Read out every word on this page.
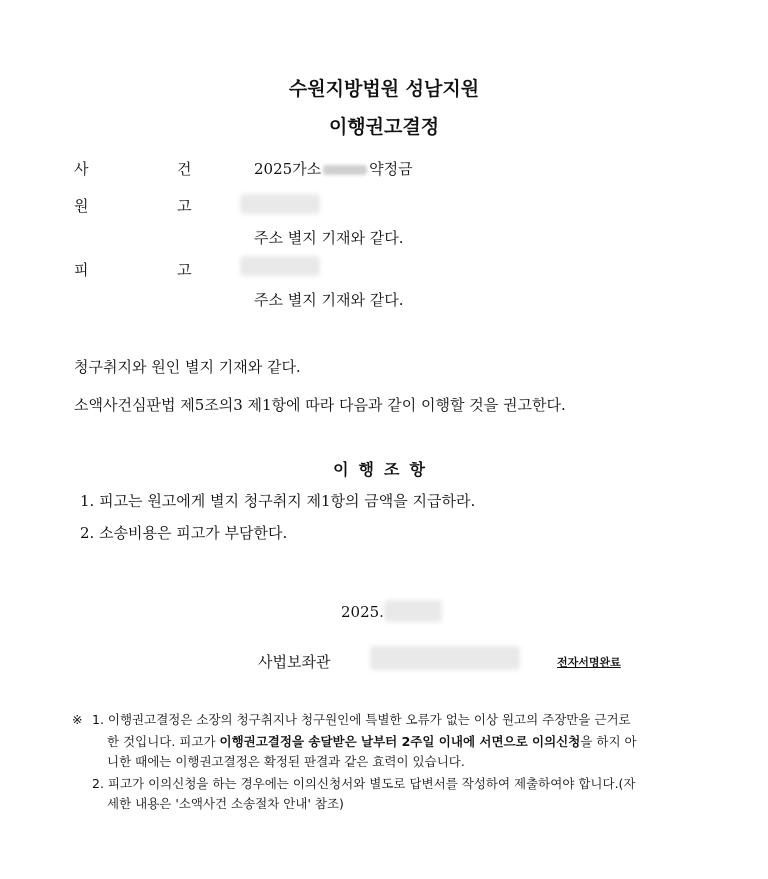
수원지방법원 성남지원
이행권고결정
사	건	2025가소	약정금
원	고
주소 별지 기재와 같다.
피	고
주소 별지 기재와 같다.
청구취지와 원인 별지 기재와 같다.
소액사건심판법 제5조의3 제1항에 따라 다음과 같이 이행할 것을 권고한다.
이행조항
1. 피고는 원고에게 별지 청구취지 제1항의 금액을 지급하라.
2. 소송비용은 피고가 부담한다.
2025.
사법보좌관	전자서명완료
※ 1. 이행권고결정은 소장의 청구취지나 청구원인에 특별한 오류가 없는 이상 원고의 주장만을 근거로
한 것입니다. 피고가 이행권고결정을 송달받은 날부터 2주일 이내에 서면으로 이의신청을 하지 아
니한 때에는 이행권고결정은 확정된 판결과 같은 효력이 있습니다.
2. 피고가 이의신청을 하는 경우에는 이의신청서와 별도로 답변서를 작성하여 제출하여야 합니다.(자
세한 내용은 '소액사건 소송절차 안내' 참조)
